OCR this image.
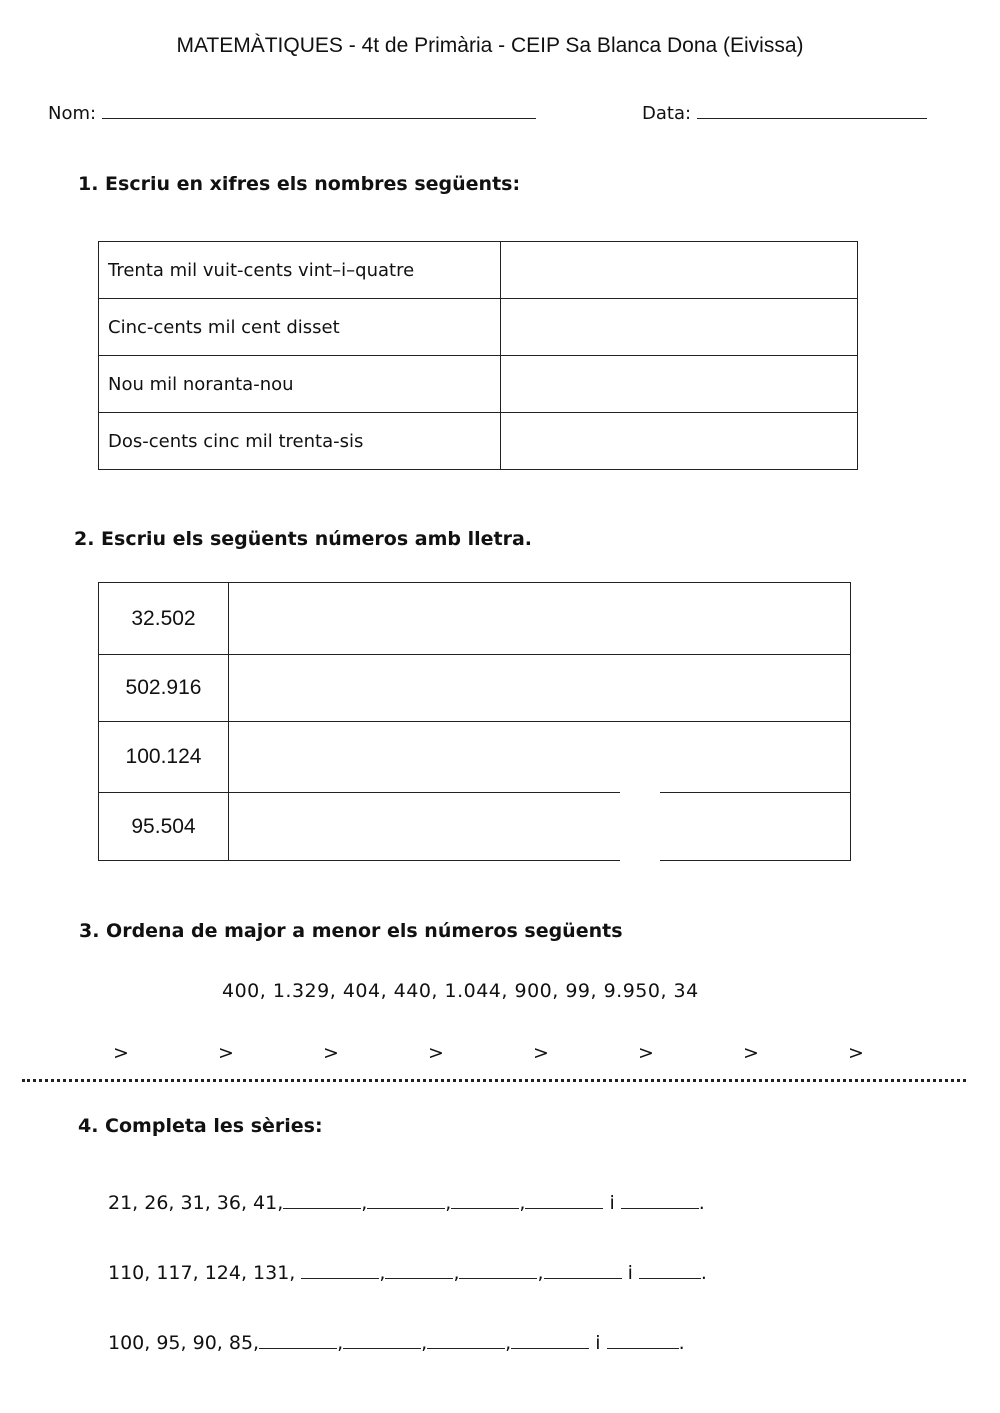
MATEMÀTIQUES - 4t de Primària - CEIP Sa Blanca Dona (Eivissa)
Nom:	Data:
1. Escriu en xifres els nombres següents:
Trenta mil vuit-cents vint–i–quatre	
Cinc-cents mil cent disset	
Nou mil noranta-nou	
Dos-cents cinc mil trenta-sis	
2. Escriu els següents números amb lletra.
32.502	
502.916	
100.124	
95.504	
3. Ordena de major a menor els números següents
400, 1.329, 404, 440, 1.044, 900, 99, 9.950, 34
>	>	>	>	>	>	>	>
4. Completa les sèries:
21, 26, 31, 36, 41,	,	,	,	i	.
110, 117, 124, 131,	,	,	,	i	.
100, 95, 90, 85,	,	,	,	i	.
